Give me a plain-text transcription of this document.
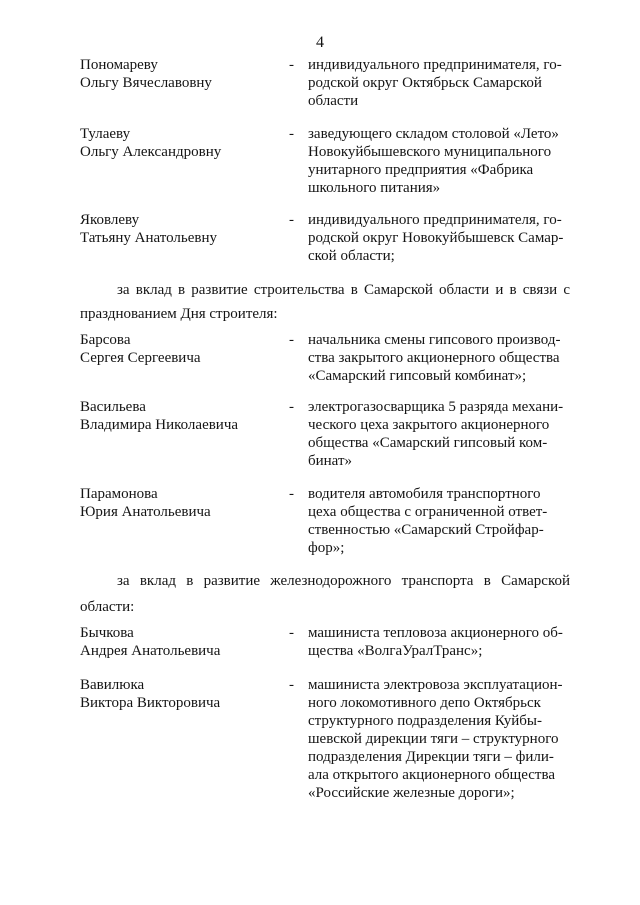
4
Пономареву
Ольгу Вячеславовну
- индивидуального предпринимателя, го-
родской округ Октябрьск Самарской
области
Тулаеву
Ольгу Александровну
- заведующего складом столовой «Лето»
Новокуйбышевского муниципального
унитарного предприятия «Фабрика
школьного питания»
Яковлеву
Татьяну Анатольевну
- индивидуального предпринимателя, го-
родской округ Новокуйбышевск Самар-
ской области;
за вклад в развитие строительства в Самарской области и в связи с
празднованием Дня строителя:
Барсова
Сергея Сергеевича
- начальника смены гипсового производ-
ства закрытого акционерного общества
«Самарский гипсовый комбинат»;
Васильева
Владимира Николаевича
- электрогазосварщика 5 разряда механи-
ческого цеха закрытого акционерного
общества «Самарский гипсовый ком-
бинат»
Парамонова
Юрия Анатольевича
- водителя автомобиля транспортного
цеха общества с ограниченной ответ-
ственностью «Самарский Стройфар-
фор»;
за вклад в развитие железнодорожного транспорта в Самарской
области:
Бычкова
Андрея Анатольевича
- машиниста тепловоза акционерного об-
щества «ВолгаУралТранс»;
Вавилюка
Виктора Викторовича
- машиниста электровоза эксплуатацион-
ного локомотивного депо Октябрьск
структурного подразделения Куйбы-
шевской дирекции тяги – структурного
подразделения Дирекции тяги – фили-
ала открытого акционерного общества
«Российские железные дороги»;
